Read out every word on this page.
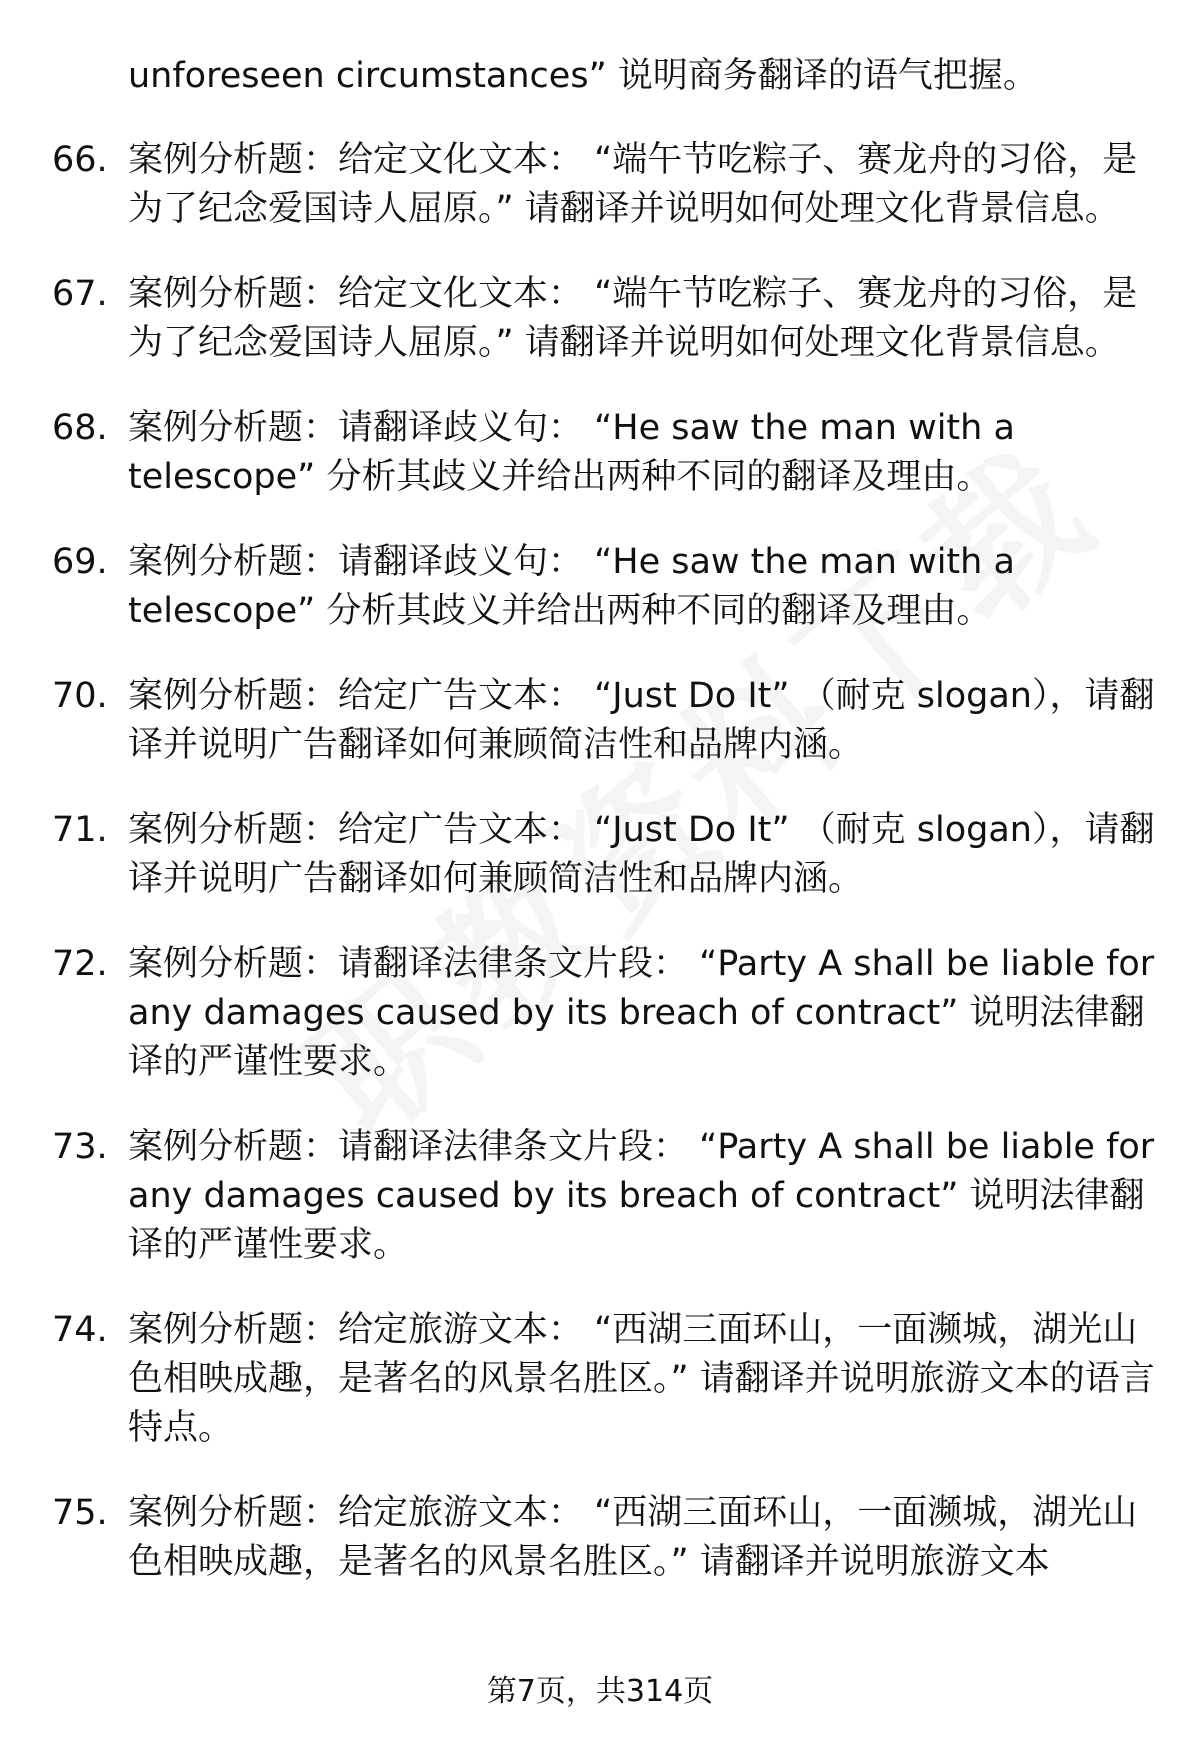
unforeseen circumstances” 说明商务翻译的语气把握。
66. 案例分析题：给定文化文本： “端午节吃粽子、赛龙舟的习俗，是为了纪念爱国诗人屈原。” 请翻译并说明如何处理文化背景信息。
67. 案例分析题：给定文化文本： “端午节吃粽子、赛龙舟的习俗，是为了纪念爱国诗人屈原。” 请翻译并说明如何处理文化背景信息。
68. 案例分析题：请翻译歧义句： “He saw the man with a telescope” 分析其歧义并给出两种不同的翻译及理由。
69. 案例分析题：请翻译歧义句： “He saw the man with a telescope” 分析其歧义并给出两种不同的翻译及理由。
70. 案例分析题：给定广告文本： “Just Do It” （耐克 slogan），请翻译并说明广告翻译如何兼顾简洁性和品牌内涵。
71. 案例分析题：给定广告文本： “Just Do It” （耐克 slogan），请翻译并说明广告翻译如何兼顾简洁性和品牌内涵。
72. 案例分析题：请翻译法律条文片段： “Party A shall be liable for any damages caused by its breach of contract” 说明法律翻译的严谨性要求。
73. 案例分析题：请翻译法律条文片段： “Party A shall be liable for any damages caused by its breach of contract” 说明法律翻译的严谨性要求。
74. 案例分析题：给定旅游文本： “西湖三面环山，一面濒城，湖光山色相映成趣，是著名的风景名胜区。” 请翻译并说明旅游文本的语言特点。
75. 案例分析题：给定旅游文本： “西湖三面环山，一面濒城，湖光山色相映成趣，是著名的风景名胜区。” 请翻译并说明旅游文本
第7页，共314页
